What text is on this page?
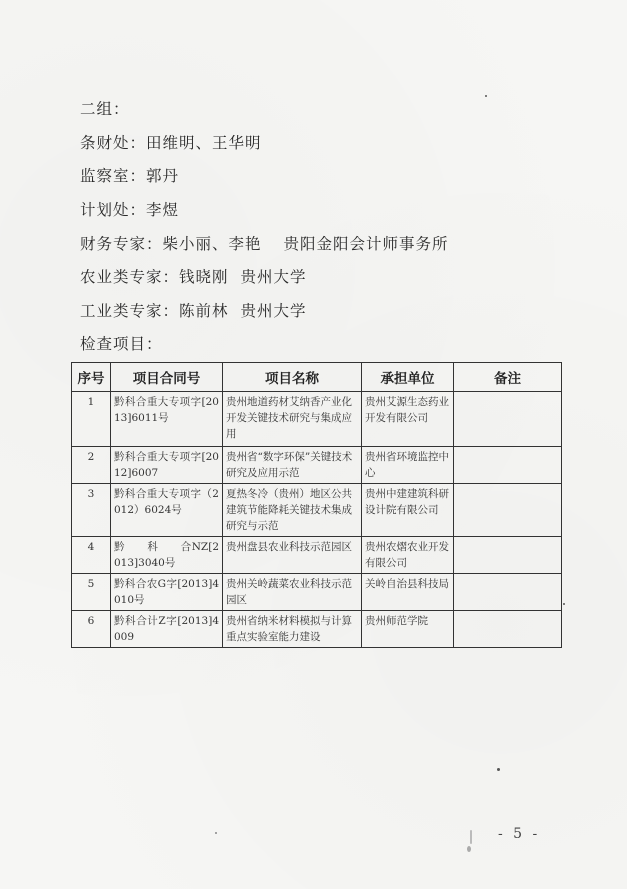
二组：
条财处：田维明、王华明
监察室：郭丹
计划处：李煜
财务专家：柴小丽、李艳 贵阳金阳会计师事务所
农业类专家：钱晓刚 贵州大学
工业类专家：陈前林 贵州大学
检查项目：
序号	项目合同号	项目名称	承担单位	备注
1	黔科合重大专项字[2013]6011号	贵州地道药材艾纳香产业化开发关键技术研究与集成应用	贵州艾源生态药业开发有限公司	
2	黔科合重大专项字[2012]6007	贵州省“数字环保”关键技术研究及应用示范	贵州省环境监控中心	
3	黔科合重大专项字（2012）6024号	夏热冬冷（贵州）地区公共建筑节能降耗关键技术集成研究与示范	贵州中建建筑科研设计院有限公司	
4	黔　　科　　合NZ[2013]3040号	贵州盘县农业科技示范园区	贵州农熠农业开发有限公司	
5	黔科合农G字[2013]4010号	贵州关岭蔬菜农业科技示范园区	关岭自治县科技局	
6	黔科合计Z字[2013]4009	贵州省纳米材料模拟与计算重点实验室能力建设	贵州师范学院	
- 5 -
